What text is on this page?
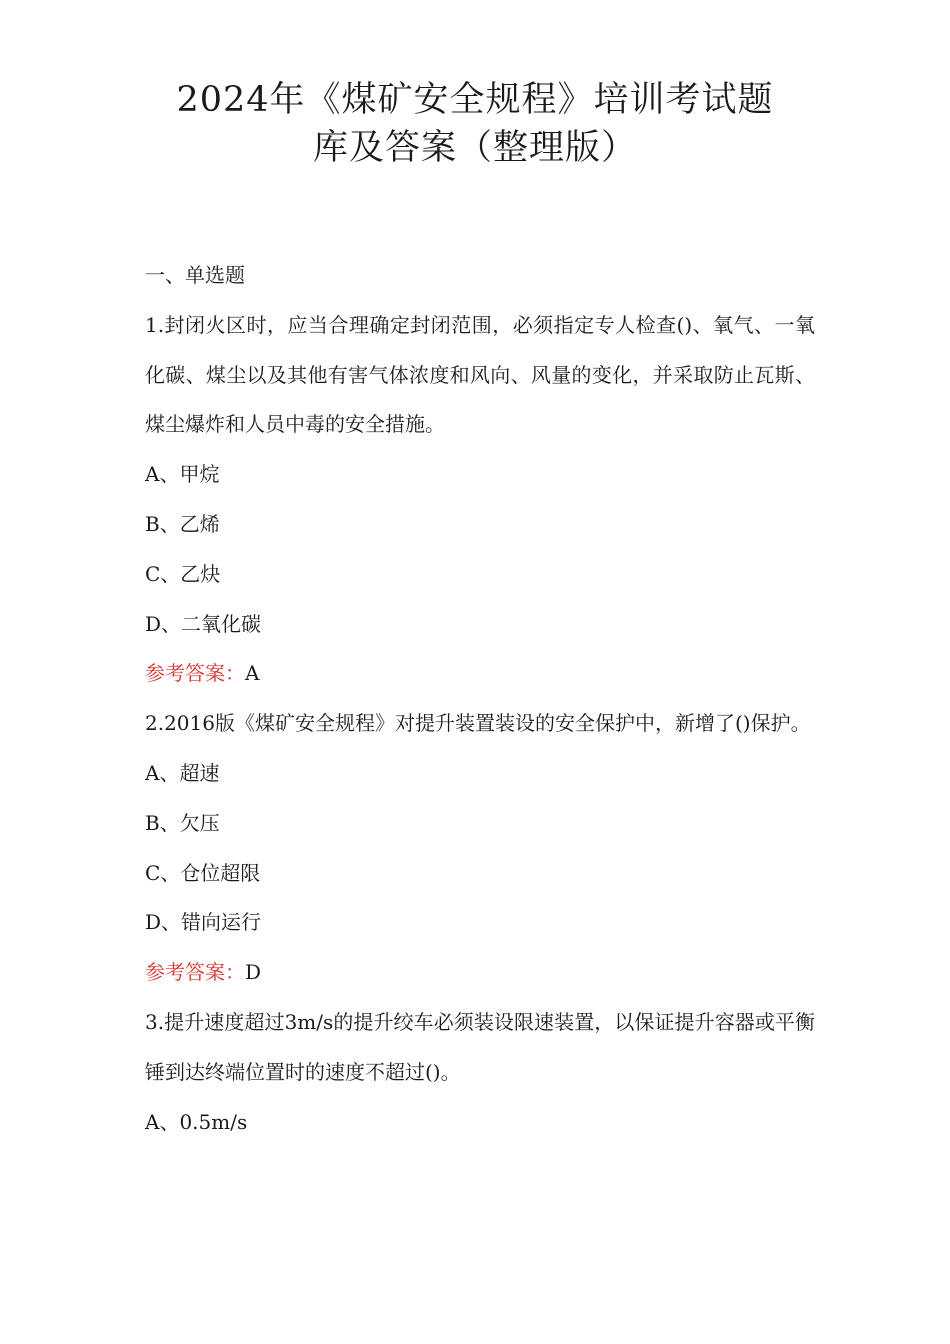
2024年《煤矿安全规程》培训考试题
库及答案（整理版）

一、单选题

1.封闭火区时，应当合理确定封闭范围，必须指定专人检查()、氧气、一氧化碳、煤尘以及其他有害气体浓度和风向、风量的变化，并采取防止瓦斯、煤尘爆炸和人员中毒的安全措施。

A、甲烷

B、乙烯

C、乙炔

D、二氧化碳

参考答案：A

2.2016版《煤矿安全规程》对提升装置装设的安全保护中，新增了()保护。

A、超速

B、欠压

C、仓位超限

D、错向运行

参考答案：D

3.提升速度超过3m/s的提升绞车必须装设限速装置，以保证提升容器或平衡锤到达终端位置时的速度不超过()。

A、0.5m/s
